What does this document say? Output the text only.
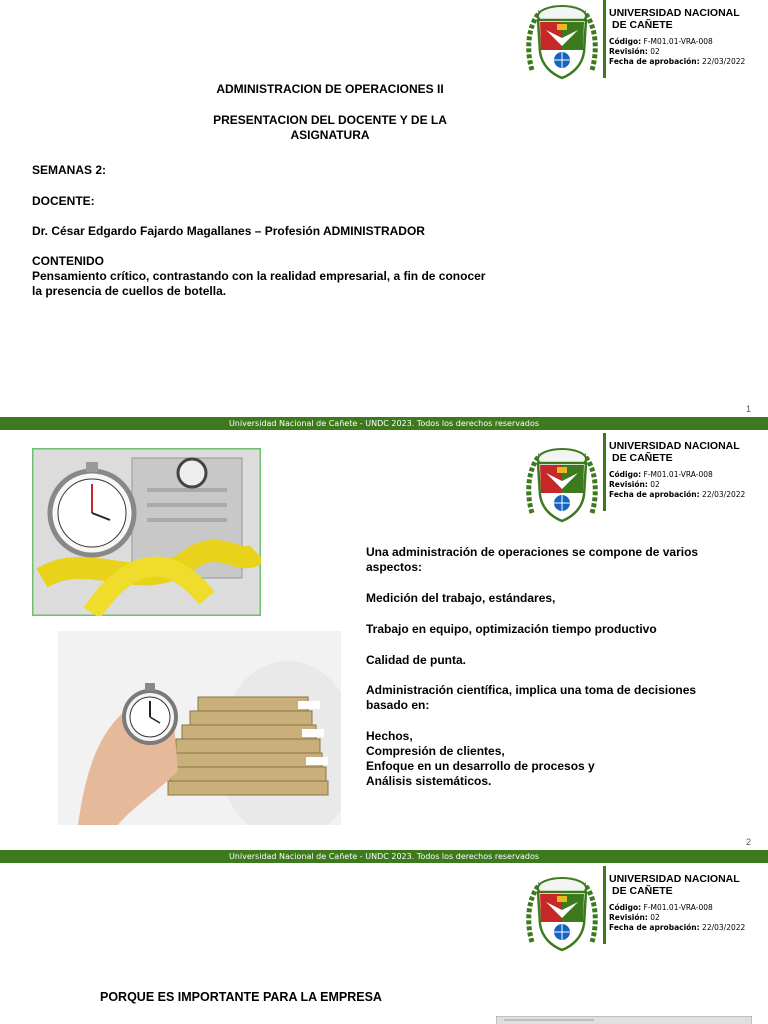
UNIVERSIDAD NACIONAL

DE CAÑETE

Código: F-M01.01-VRA-008

Revisión: 02

Fecha de aprobación: 22/03/2022

ADMINISTRACION DE OPERACIONES II

PRESENTACION DEL DOCENTE Y DE LA

ASIGNATURA

SEMANAS 2:

DOCENTE:

Dr. César Edgardo Fajardo Magallanes – Profesión ADMINISTRADOR

CONTENIDO

Pensamiento crítico, contrastando con la realidad empresarial, a fin de conocer

la presencia de cuellos de botella.

1
Universidad Nacional de Cañete - UNDC 2023. Todos los derechos reservados

UNIVERSIDAD NACIONAL

DE CAÑETE

Código: F-M01.01-VRA-008

Revisión: 02

Fecha de aprobación: 22/03/2022

Una administración de operaciones se compone de varios

aspectos:

Medición del trabajo, estándares,

Trabajo en equipo, optimización tiempo productivo

Calidad de punta.

Administración científica, implica una toma de decisiones

basado en:

Hechos,

Compresión de clientes,

Enfoque en un desarrollo de procesos y

Análisis sistemáticos.

2
Universidad Nacional de Cañete - UNDC 2023. Todos los derechos reservados

UNIVERSIDAD NACIONAL

DE CAÑETE

Código: F-M01.01-VRA-008

Revisión: 02

Fecha de aprobación: 22/03/2022

PORQUE ES IMPORTANTE PARA LA EMPRESA
